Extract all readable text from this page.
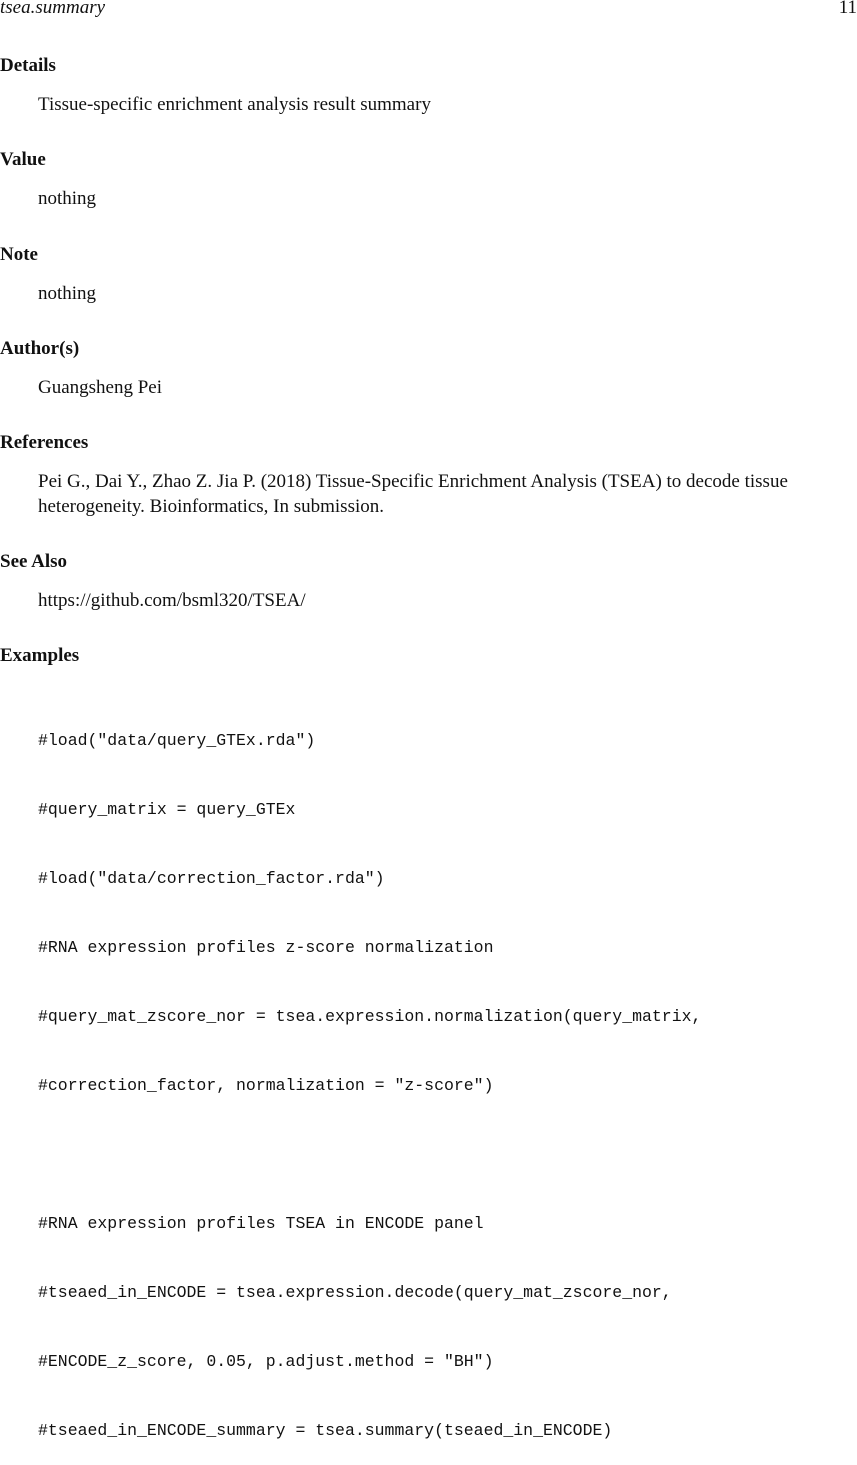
tsea.summary	11
Details

Tissue-specific enrichment analysis result summary

Value

nothing

Note

nothing

Author(s)

Guangsheng Pei

References

Pei G., Dai Y., Zhao Z. Jia P. (2018) Tissue-Specific Enrichment Analysis (TSEA) to decode tissue

heterogeneity. Bioinformatics, In submission.

See Also

https://github.com/bsml320/TSEA/

Examples

#load("data/query_GTEx.rda")

#query_matrix = query_GTEx

#load("data/correction_factor.rda")

#RNA expression profiles z-score normalization

#query_mat_zscore_nor = tsea.expression.normalization(query_matrix,

#correction_factor, normalization = "z-score")

#RNA expression profiles TSEA in ENCODE panel

#tseaed_in_ENCODE = tsea.expression.decode(query_mat_zscore_nor,

#ENCODE_z_score, 0.05, p.adjust.method = "BH")

#tseaed_in_ENCODE_summary = tsea.summary(tseaed_in_ENCODE)
